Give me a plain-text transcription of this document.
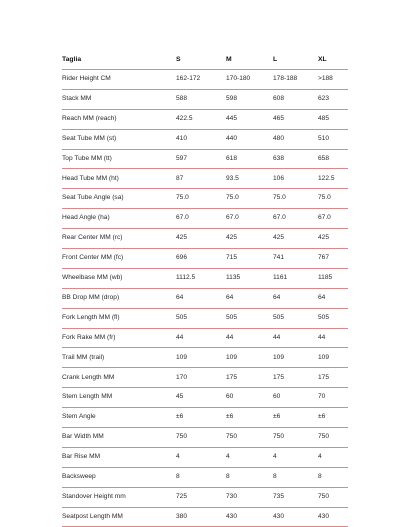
Taglia	S	M	L	XL
Rider Height CM	162-172	170-180	178-188	>188
Stack MM	588	598	608	623
Reach MM (reach)	422.5	445	465	485
Seat Tube MM (st)	410	440	480	510
Top Tube MM (tt)	597	618	638	658
Head Tube MM (ht)	87	93.5	106	122.5
Seat Tube Angle (sa)	75.0	75.0	75.0	75.0
Head Angle (ha)	67.0	67.0	67.0	67.0
Rear Center MM (rc)	425	425	425	425
Front Center MM (fc)	696	715	741	767
Wheelbase MM (wb)	1112.5	1135	1161	1185
BB Drop MM (drop)	64	64	64	64
Fork Length MM (fl)	505	505	505	505
Fork Rake MM (fr)	44	44	44	44
Trail MM (trail)	109	109	109	109
Crank Length MM	170	175	175	175
Stem Length MM	45	60	60	70
Stem Angle	±6	±6	±6	±6
Bar Width MM	750	750	750	750
Bar Rise MM	4	4	4	4
Backsweep	8	8	8	8
Standover Height mm	725	730	735	750
Seatpost Length MM	380	430	430	430
